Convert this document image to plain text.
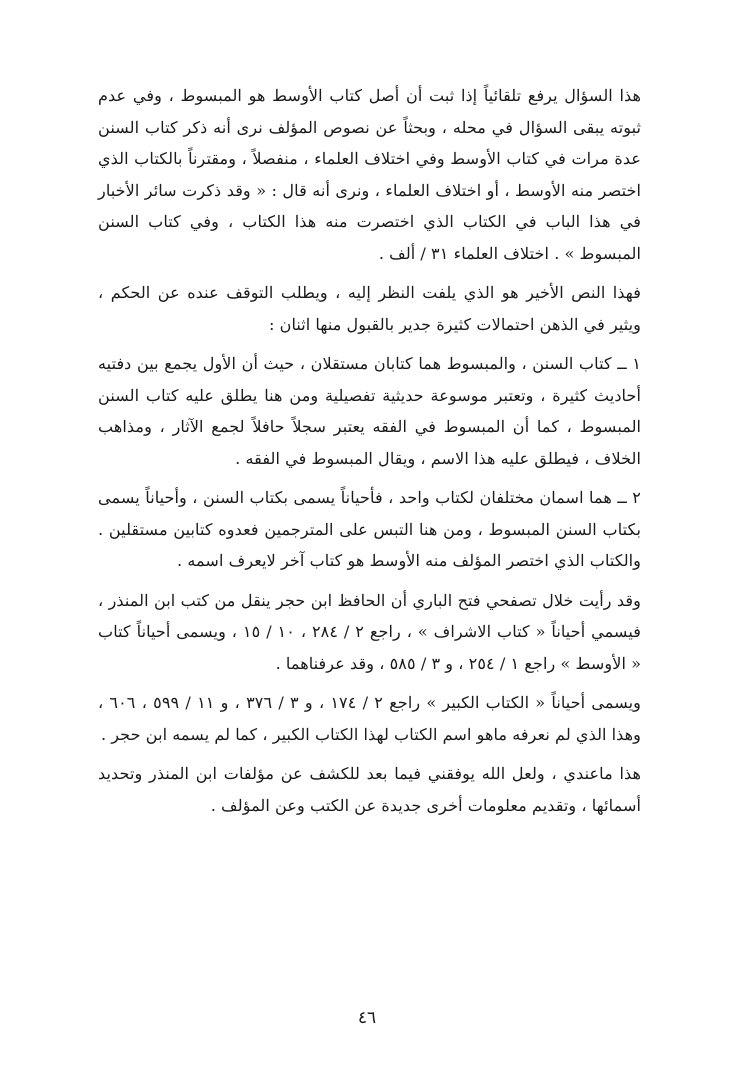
هذا السؤال يرفع تلقائياً إذا ثبت أن أصل كتاب الأوسط هو المبسوط ، وفي عدم ثبوته يبقى السؤال في محله ، وبحثاً عن نصوص المؤلف نرى أنه ذكر كتاب السنن عدة مرات في كتاب الأوسط وفي اختلاف العلماء ، منفصلاً ، ومقترناً بالكتاب الذي اختصر منه الأوسط ، أو اختلاف العلماء ، ونرى أنه قال : « وقد ذكرت سائر الأخبار في هذا الباب في الكتاب الذي اختصرت منه هذا الكتاب ، وفي كتاب السنن المبسوط » . اختلاف العلماء ٣١ / ألف .

فهذا النص الأخير هو الذي يلفت النظر إليه ، ويطلب التوقف عنده عن الحكم ، ويثير في الذهن احتمالات كثيرة جدير بالقبول منها اثنان :

١ ــ كتاب السنن ، والمبسوط هما كتابان مستقلان ، حيث أن الأول يجمع بين دفتيه أحاديث كثيرة ، وتعتبر موسوعة حديثية تفصيلية ومن هنا يطلق عليه كتاب السنن المبسوط ، كما أن المبسوط في الفقه يعتبر سجلاً حافلاً لجمع الآثار ، ومذاهب الخلاف ، فيطلق عليه هذا الاسم ، ويقال المبسوط في الفقه .

٢ ــ هما اسمان مختلفان لكتاب واحد ، فأحياناً يسمى بكتاب السنن ، وأحياناً يسمى بكتاب السنن المبسوط ، ومن هنا التبس على المترجمين فعدوه كتابين مستقلين . والكتاب الذي اختصر المؤلف منه الأوسط هو كتاب آخر لايعرف اسمه .

وقد رأيت خلال تصفحي فتح الباري أن الحافظ ابن حجر ينقل من كتب ابن المنذر ، فيسمي أحياناً « كتاب الاشراف » ، راجع ٢ / ٢٨٤ ، ١٠ / ١٥ ، ويسمى أحياناً كتاب « الأوسط » راجع ١ / ٢٥٤ ، و ٣ / ٥٨٥ ، وقد عرفناهما .

ويسمى أحياناً « الكتاب الكبير » راجع ٢ / ١٧٤ ، و ٣ / ٣٧٦ ، و ١١ / ٥٩٩ ، ٦٠٦ ، وهذا الذي لم نعرفه ماهو اسم الكتاب لهذا الكتاب الكبير ، كما لم يسمه ابن حجر .

هذا ماعندي ، ولعل الله يوفقني فيما بعد للكشف عن مؤلفات ابن المنذر وتحديد أسمائها ، وتقديم معلومات أخرى جديدة عن الكتب وعن المؤلف .

٤٦
